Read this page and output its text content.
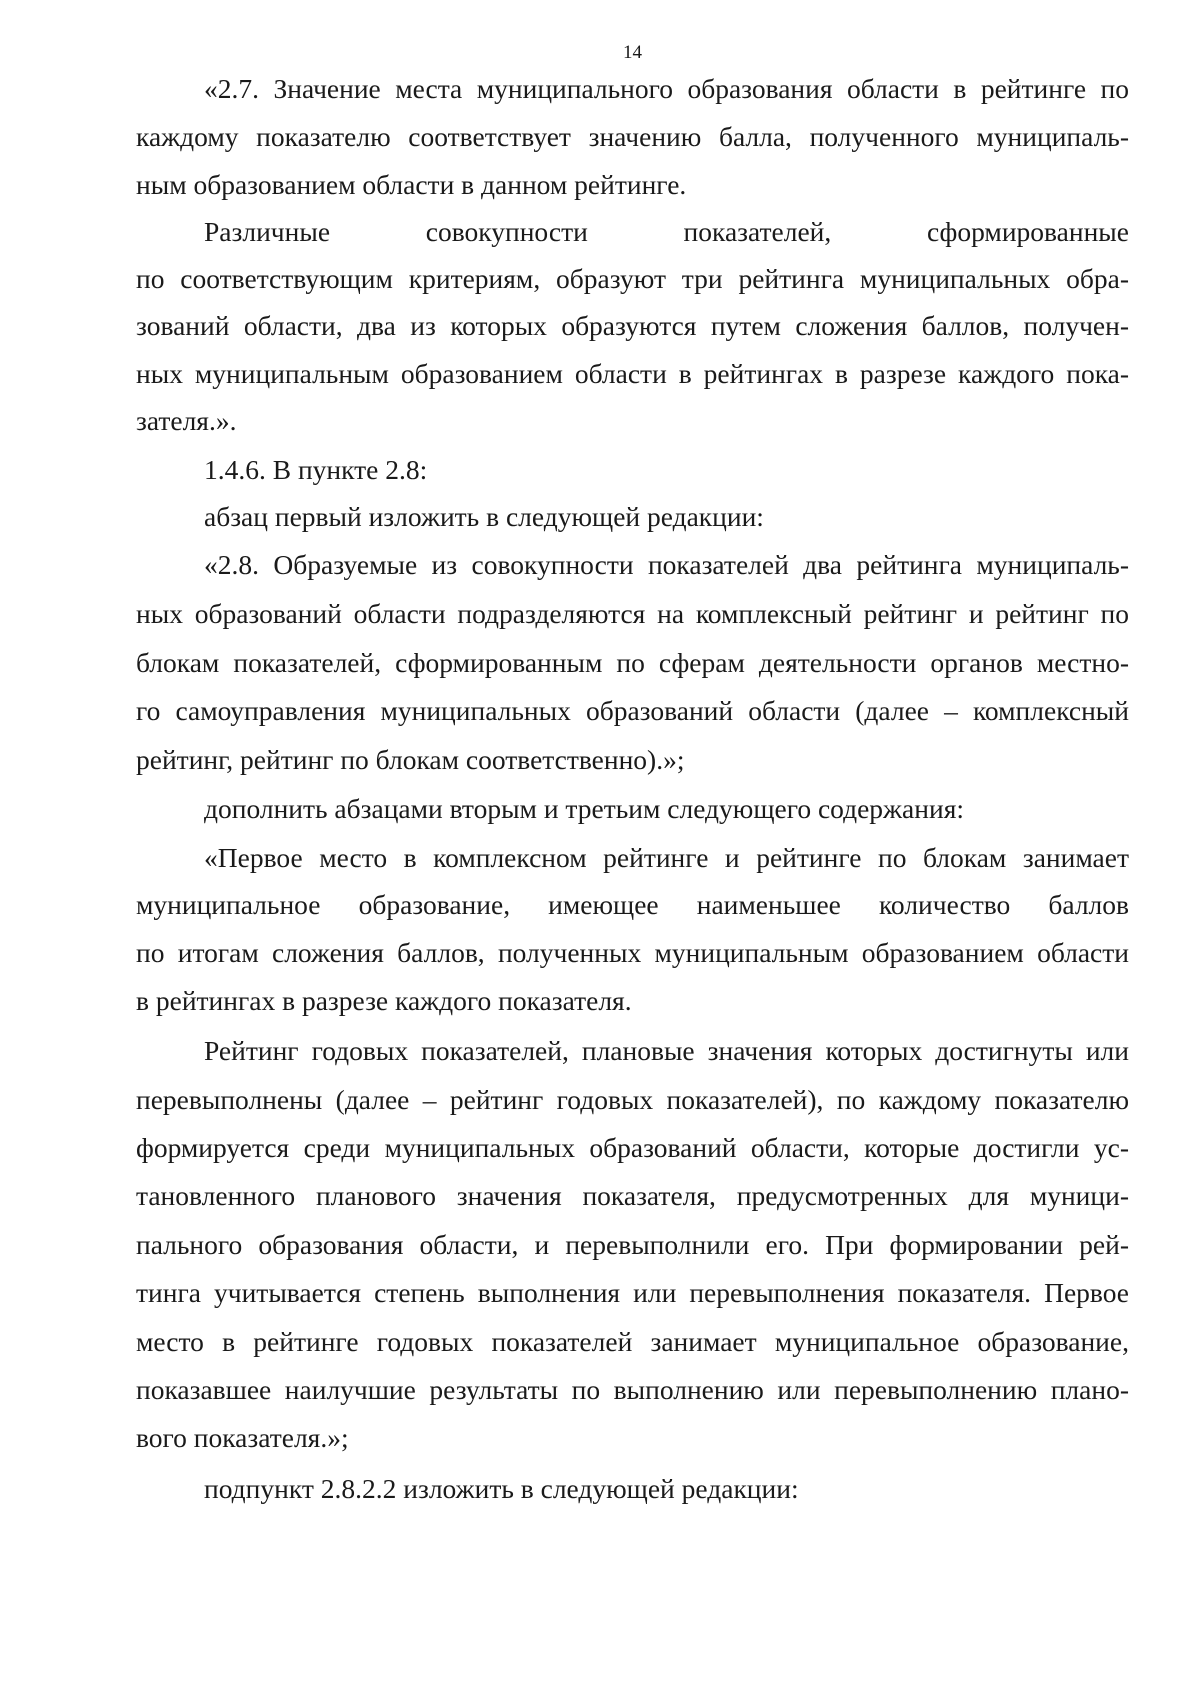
14
«2.7. Значение места муниципального образования области в рейтинге по
каждому показателю соответствует значению балла, полученного муниципаль-
ным образованием области в данном рейтинге.
Различные совокупности показателей, сформированные
по соответствующим критериям, образуют три рейтинга муниципальных обра-
зований области, два из которых образуются путем сложения баллов, получен-
ных муниципальным образованием области в рейтингах в разрезе каждого пока-
зателя.».
1.4.6. В пункте 2.8:
абзац первый изложить в следующей редакции:
«2.8. Образуемые из совокупности показателей два рейтинга муниципаль-
ных образований области подразделяются на комплексный рейтинг и рейтинг по
блокам показателей, сформированным по сферам деятельности органов местно-
го самоуправления муниципальных образований области (далее – комплексный
рейтинг, рейтинг по блокам соответственно).»;
дополнить абзацами вторым и третьим следующего содержания:
«Первое место в комплексном рейтинге и рейтинге по блокам занимает
муниципальное образование, имеющее наименьшее количество баллов
по итогам сложения баллов, полученных муниципальным образованием области
в рейтингах в разрезе каждого показателя.
Рейтинг годовых показателей, плановые значения которых достигнуты или
перевыполнены (далее – рейтинг годовых показателей), по каждому показателю
формируется среди муниципальных образований области, которые достигли ус-
тановленного планового значения показателя, предусмотренных для муници-
пального образования области, и перевыполнили его. При формировании рей-
тинга учитывается степень выполнения или перевыполнения показателя. Первое
место в рейтинге годовых показателей занимает муниципальное образование,
показавшее наилучшие результаты по выполнению или перевыполнению плано-
вого показателя.»;
подпункт 2.8.2.2 изложить в следующей редакции:
